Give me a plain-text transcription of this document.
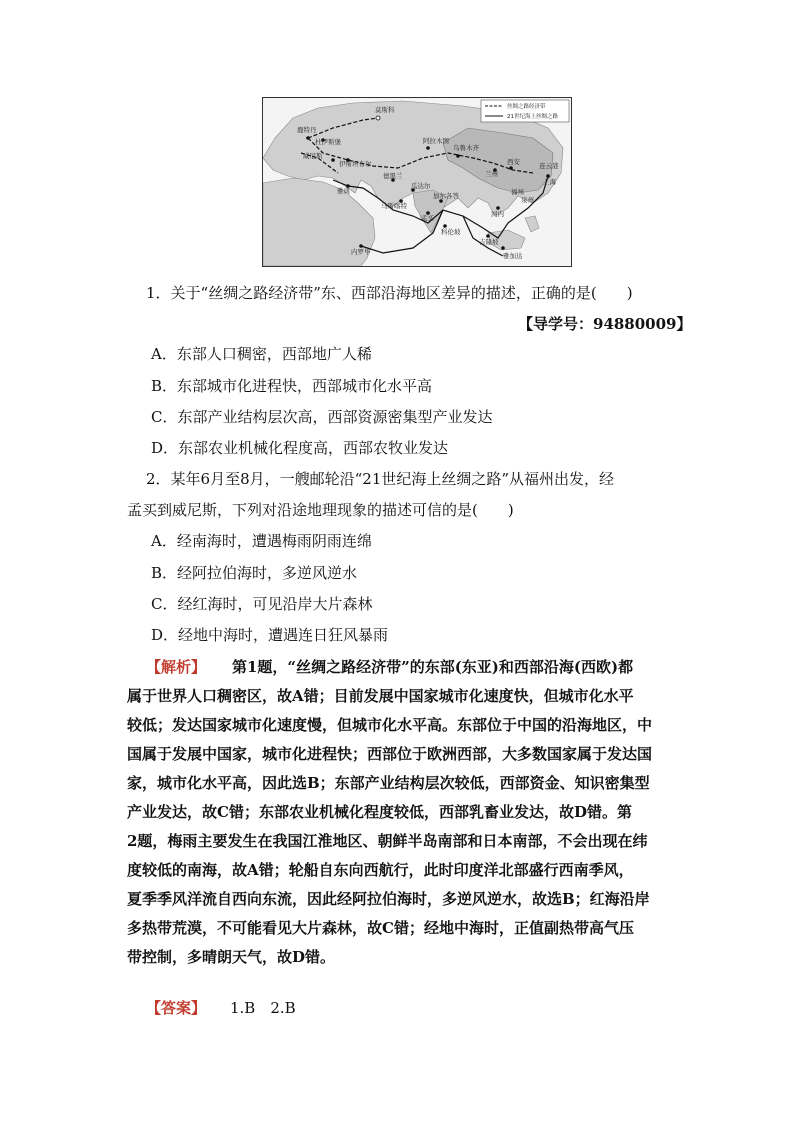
莫斯科
鹿特丹
杜伊斯堡
威尼斯
雅典
伊斯坦布尔
阿拉木图
乌鲁木齐
兰州
西安
福州
泉州
德黑兰
瓜达尔
马斯喀特
加尔各答
孟买	河内
科伦坡
雅加达
吉隆坡
内罗毕
连云港
上海
丝绸之路经济带
21世纪海上丝绸之路
1．关于“丝绸之路经济带”东、西部沿海地区差异的描述，正确的是(　　)
【导学号：94880009】
A．东部人口稠密，西部地广人稀
B．东部城市化进程快，西部城市化水平高
C．东部产业结构层次高，西部资源密集型产业发达
D．东部农业机械化程度高，西部农牧业发达
2．某年6月至8月，一艘邮轮沿“21世纪海上丝绸之路”从福州出发，经
孟买到威尼斯，下列对沿途地理现象的描述可信的是(　　)
A．经南海时，遭遇梅雨阴雨连绵
B．经阿拉伯海时，多逆风逆水
C．经红海时，可见沿岸大片森林
D．经地中海时，遭遇连日狂风暴雨
【解析】 第1题，“丝绸之路经济带”的东部(东亚)和西部沿海(西欧)都
属于世界人口稠密区，故A错；目前发展中国家城市化速度快，但城市化水平
较低；发达国家城市化速度慢，但城市化水平高。东部位于中国的沿海地区，中
国属于发展中国家，城市化进程快；西部位于欧洲西部，大多数国家属于发达国
家，城市化水平高，因此选B；东部产业结构层次较低，西部资金、知识密集型
产业发达，故C错；东部农业机械化程度较低，西部乳畜业发达，故D错。第
2题，梅雨主要发生在我国江淮地区、朝鲜半岛南部和日本南部，不会出现在纬
度较低的南海，故A错；轮船自东向西航行，此时印度洋北部盛行西南季风，
夏季季风洋流自西向东流，因此经阿拉伯海时，多逆风逆水，故选B；红海沿岸
多热带荒漠，不可能看见大片森林，故C错；经地中海时，正值副热带高气压
带控制，多晴朗天气，故D错。
【答案】 1.B　2.B
